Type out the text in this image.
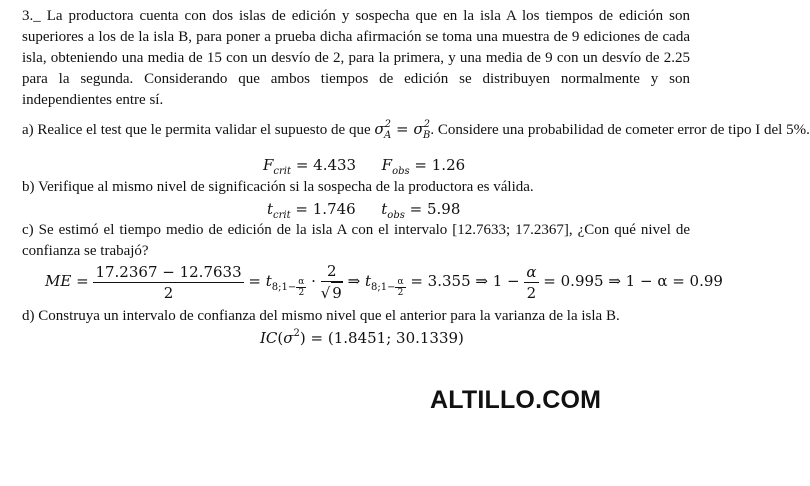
3._ La productora cuenta con dos islas de edición y sospecha que en la isla A los tiempos de edición son superiores a los de la isla B, para poner a prueba dicha afirmación se toma una muestra de 9 ediciones de cada isla, obteniendo una media de 15 con un desvío de 2, para la primera, y una media de 9 con un desvío de 2.25 para la segunda. Considerando que ambos tiempos de edición se distribuyen normalmente y son independientes entre sí.

a) Realice el test que le permita validar el supuesto de que $\sigma^2_A = \sigma^2_B$. Considere una probabilidad de cometer error de tipo I del 5%.
$F_{crit} = 4.433$ $F_{obs} = 1.26$
b) Verifique al mismo nivel de significación si la sospecha de la productora es válida.
$t_{crit} = 1.746$ $t_{obs} = 5.98$

c) Se estimó el tiempo medio de edición de la isla A con el intervalo [12.7633; 17.2367], ¿Con qué nivel de confianza se trabajó?

ME = $\frac{17.2367 - 12.7633}{2} = t_{8;1- \frac{\alpha}{2}} \cdot \frac{2}{√ 9}$ ⇒ $t_{8;1- \frac{\alpha}{2}} = 3.355$ ⇒ $1 - \frac{\alpha}{2} = 0.995$ ⇒ 1 − α = 0.99
d) Construya un intervalo de confianza del mismo nivel que el anterior para la varianza de la isla B.
$IC(\sigma^2) = (1.8451$; 30.1339)
ALTILLO.COM
